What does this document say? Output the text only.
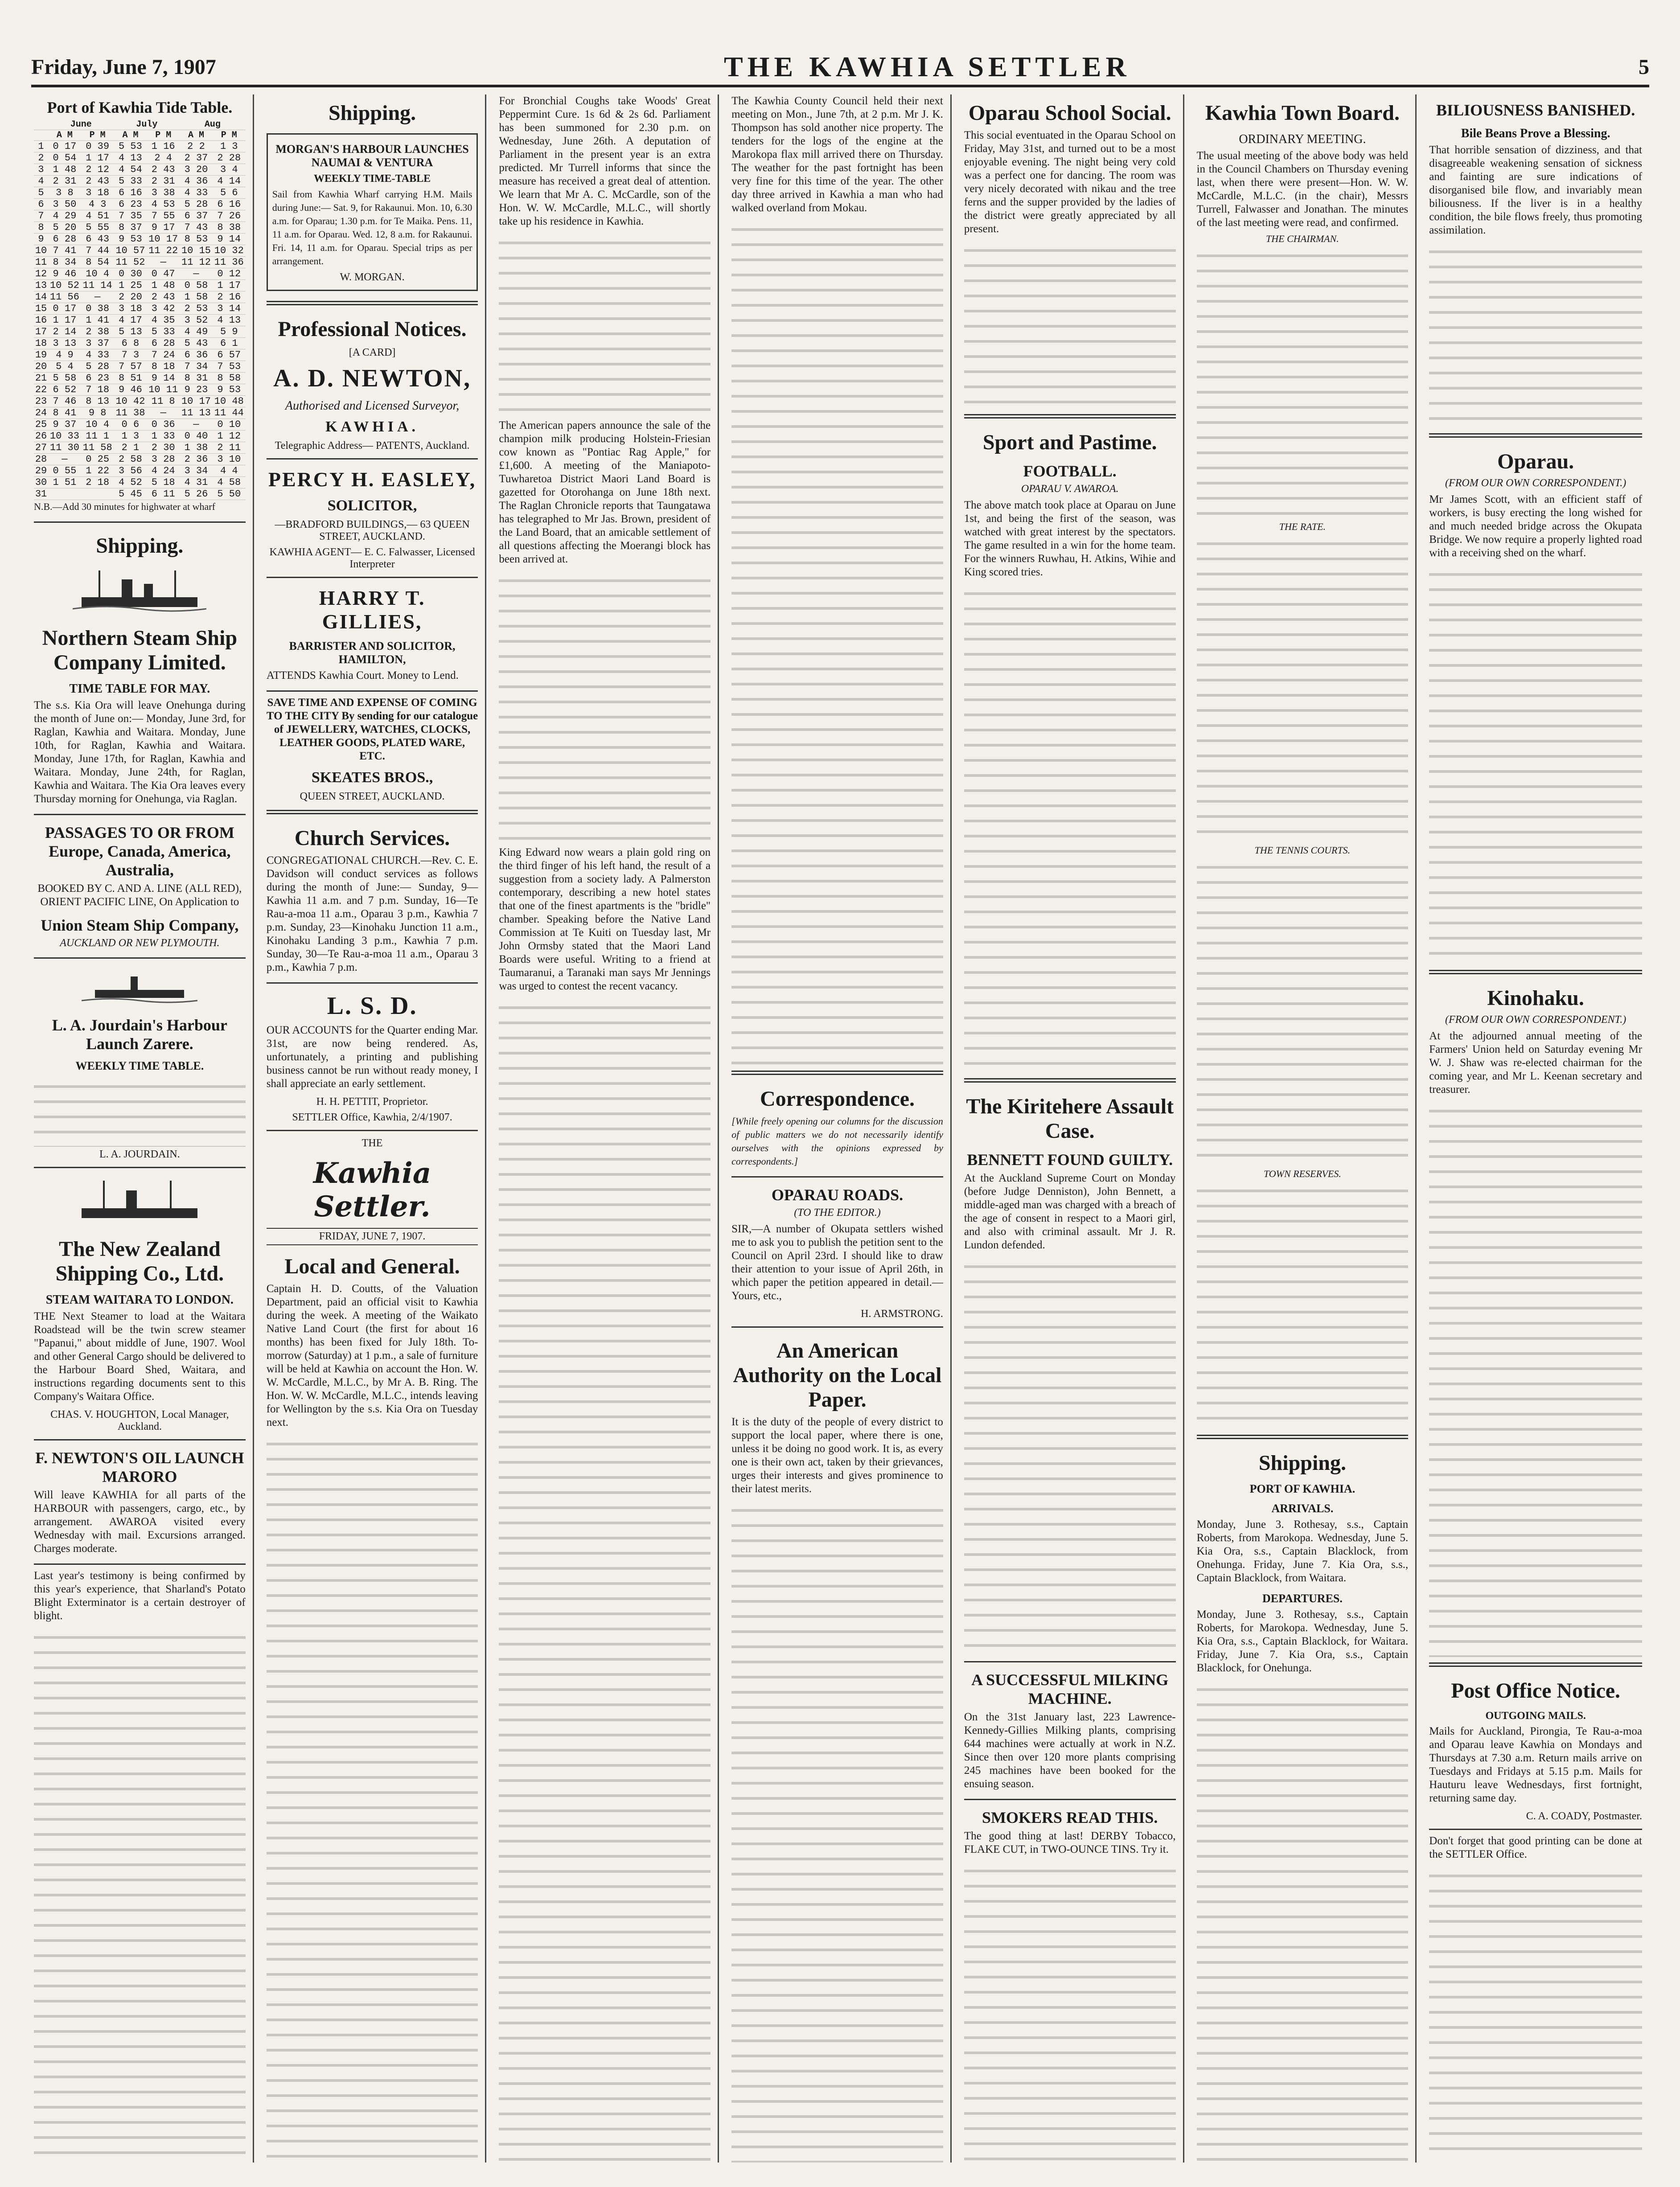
Friday, June 7, 1907	THE KAWHIA SETTLER	5
Port of Kawhia Tide Table.
	June		July		Aug	
	A M	P M	A M	P M	A M	P M
1	0 17	0 39	5 53	1 16	2 2	1 3
2	0 54	1 17	4 13	2 4	2 37	2 28
3	1 48	2 12	4 54	2 43	3 20	3 4
4	2 31	2 43	5 33	2 31	4 36	4 14
5	3 8	3 18	6 16	3 38	4 33	5 6
6	3 50	4 3	6 23	4 53	5 28	6 16
7	4 29	4 51	7 35	7 55	6 37	7 26
8	5 20	5 55	8 37	9 17	7 43	8 38
9	6 28	6 43	9 53	10 17	8 53	9 14
10	7 41	7 44	10 57	11 22	10 15	10 32
11	8 34	8 54	11 52	—	11 12	11 36
12	9 46	10 4	0 30	0 47	—	0 12
13	10 52	11 14	1 25	1 48	0 58	1 17
14	11 56	—	2 20	2 43	1 58	2 16
15	0 17	0 38	3 18	3 42	2 53	3 14
16	1 17	1 41	4 17	4 35	3 52	4 13
17	2 14	2 38	5 13	5 33	4 49	5 9
18	3 13	3 37	6 8	6 28	5 43	6 1
19	4 9	4 33	7 3	7 24	6 36	6 57
20	5 4	5 28	7 57	8 18	7 34	7 53
21	5 58	6 23	8 51	9 14	8 31	8 58
22	6 52	7 18	9 46	10 11	9 23	9 53
23	7 46	8 13	10 42	11 8	10 17	10 48
24	8 41	9 8	11 38	—	11 13	11 44
25	9 37	10 4	0 6	0 36	—	0 10
26	10 33	11 1	1 3	1 33	0 40	1 12
27	11 30	11 58	2 1	2 30	1 38	2 11
28	—	0 25	2 58	3 28	2 36	3 10
29	0 55	1 22	3 56	4 24	3 34	4 4
30	1 51	2 18	4 52	5 18	4 31	4 58
31			5 45	6 11	5 26	5 50

N.B.—Add 30 minutes for highwater at wharf

Shipping.
Northern Steam Ship Company Limited.
TIME TABLE FOR MAY.

The s.s. Kia Ora will leave Onehunga during the month of June on:— Monday, June 3rd, for Raglan, Kawhia and Waitara. Monday, June 10th, for Raglan, Kawhia and Waitara. Monday, June 17th, for Raglan, Kawhia and Waitara. Monday, June 24th, for Raglan, Kawhia and Waitara. The Kia Ora leaves every Thursday morning for Onehunga, via Raglan.

PASSAGES TO OR FROM Europe, Canada, America, Australia,

BOOKED BY C. AND A. LINE (ALL RED), ORIENT PACIFIC LINE, On Application to

Union Steam Ship Company,
AUCKLAND OR NEW PLYMOUTH.
L. A. Jourdain's Harbour Launch Zarere.
WEEKLY TIME TABLE.
L. A. JOURDAIN.
The New Zealand Shipping Co., Ltd.
STEAM WAITARA TO LONDON.

THE Next Steamer to load at the Waitara Roadstead will be the twin screw steamer "Papanui," about middle of June, 1907. Wool and other General Cargo should be delivered to the Harbour Board Shed, Waitara, and instructions regarding documents sent to this Company's Waitara Office.

CHAS. V. HOUGHTON, Local Manager, Auckland.
F. NEWTON'S OIL LAUNCH MARORO

Will leave KAWHIA for all parts of the HARBOUR with passengers, cargo, etc., by arrangement. AWAROA visited every Wednesday with mail. Excursions arranged. Charges moderate.

Last year's testimony is being confirmed by this year's experience, that Sharland's Potato Blight Exterminator is a certain destroyer of blight.

Shipping.
MORGAN'S HARBOUR LAUNCHES NAUMAI & VENTURA
WEEKLY TIME-TABLE

Sail from Kawhia Wharf carrying H.M. Mails during June:— Sat. 9, for Rakaunui. Mon. 10, 6.30 a.m. for Oparau; 1.30 p.m. for Te Maika. Pens. 11, 11 a.m. for Oparau. Wed. 12, 8 a.m. for Rakaunui. Fri. 14, 11 a.m. for Oparau. Special trips as per arrangement.

W. MORGAN.
Professional Notices.
[A CARD]
A. D. NEWTON,
Authorised and Licensed Surveyor,
KAWHIA.
Telegraphic Address— PATENTS, Auckland.
PERCY H. EASLEY,
SOLICITOR,
—BRADFORD BUILDINGS,— 63 QUEEN STREET, AUCKLAND.
KAWHIA AGENT— E. C. Falwasser, Licensed Interpreter
HARRY T. GILLIES,
BARRISTER AND SOLICITOR, HAMILTON,

ATTENDS Kawhia Court. Money to Lend.

SAVE TIME AND EXPENSE OF COMING TO THE CITY By sending for our catalogue of JEWELLERY, WATCHES, CLOCKS, LEATHER GOODS, PLATED WARE, ETC.

SKEATES BROS.,
QUEEN STREET, AUCKLAND.
Church Services.

CONGREGATIONAL CHURCH.—Rev. C. E. Davidson will conduct services as follows during the month of June:— Sunday, 9—Kawhia 11 a.m. and 7 p.m. Sunday, 16—Te Rau-a-moa 11 a.m., Oparau 3 p.m., Kawhia 7 p.m. Sunday, 23—Kinohaku Junction 11 a.m., Kinohaku Landing 3 p.m., Kawhia 7 p.m. Sunday, 30—Te Rau-a-moa 11 a.m., Oparau 3 p.m., Kawhia 7 p.m.

L. S. D.

OUR ACCOUNTS for the Quarter ending Mar. 31st, are now being rendered. As, unfortunately, a printing and publishing business cannot be run without ready money, I shall appreciate an early settlement.

H. H. PETTIT, Proprietor.
SETTLER Office, Kawhia, 2/4/1907.
THE
Kawhia Settler.
FRIDAY, JUNE 7, 1907.
Local and General.

Captain H. D. Coutts, of the Valuation Department, paid an official visit to Kawhia during the week. A meeting of the Waikato Native Land Court (the first for about 16 months) has been fixed for July 18th. To-morrow (Saturday) at 1 p.m., a sale of furniture will be held at Kawhia on account the Hon. W. W. McCardle, M.L.C., by Mr A. B. Ring. The Hon. W. W. McCardle, M.L.C., intends leaving for Wellington by the s.s. Kia Ora on Tuesday next.

For Bronchial Coughs take Woods' Great Peppermint Cure. 1s 6d & 2s 6d. Parliament has been summoned for 2.30 p.m. on Wednesday, June 26th. A deputation of Parliament in the present year is an extra predicted. Mr Turrell informs that since the measure has received a great deal of attention. We learn that Mr A. C. McCardle, son of the Hon. W. W. McCardle, M.L.C., will shortly take up his residence in Kawhia.

The American papers announce the sale of the champion milk producing Holstein-Friesian cow known as "Pontiac Rag Apple," for £1,600. A meeting of the Maniapoto-Tuwharetoa District Maori Land Board is gazetted for Otorohanga on June 18th next. The Raglan Chronicle reports that Taungatawa has telegraphed to Mr Jas. Brown, president of the Land Board, that an amicable settlement of all questions affecting the Moerangi block has been arrived at.

King Edward now wears a plain gold ring on the third finger of his left hand, the result of a suggestion from a society lady. A Palmerston contemporary, describing a new hotel states that one of the finest apartments is the "bridle" chamber. Speaking before the Native Land Commission at Te Kuiti on Tuesday last, Mr John Ormsby stated that the Maori Land Boards were useful. Writing to a friend at Taumaranui, a Taranaki man says Mr Jennings was urged to contest the recent vacancy.

The Kawhia County Council held their next meeting on Mon., June 7th, at 2 p.m. Mr J. K. Thompson has sold another nice property. The tenders for the logs of the engine at the Marokopa flax mill arrived there on Thursday. The weather for the past fortnight has been very fine for this time of the year. The other day three arrived in Kawhia a man who had walked overland from Mokau.

Correspondence.

[While freely opening our columns for the discussion of public matters we do not necessarily identify ourselves with the opinions expressed by correspondents.]

OPARAU ROADS.
(TO THE EDITOR.)

SIR,—A number of Okupata settlers wished me to ask you to publish the petition sent to the Council on April 23rd. I should like to draw their attention to your issue of April 26th, in which paper the petition appeared in detail.—Yours, etc.,

H. ARMSTRONG.
An American Authority on the Local Paper.

It is the duty of the people of every district to support the local paper, where there is one, unless it be doing no good work. It is, as every one is their own act, taken by their grievances, urges their interests and gives prominence to their latest merits.

Oparau School Social.

This social eventuated in the Oparau School on Friday, May 31st, and turned out to be a most enjoyable evening. The night being very cold was a perfect one for dancing. The room was very nicely decorated with nikau and the tree ferns and the supper provided by the ladies of the district were greatly appreciated by all present.

Sport and Pastime.
FOOTBALL.
OPARAU V. AWAROA.

The above match took place at Oparau on June 1st, and being the first of the season, was watched with great interest by the spectators. The game resulted in a win for the home team. For the winners Ruwhau, H. Atkins, Wihie and King scored tries.

The Kiritehere Assault Case.
BENNETT FOUND GUILTY.

At the Auckland Supreme Court on Monday (before Judge Denniston), John Bennett, a middle-aged man was charged with a breach of the age of consent in respect to a Maori girl, and also with criminal assault. Mr J. R. Lundon defended.

A SUCCESSFUL MILKING MACHINE.

On the 31st January last, 223 Lawrence-Kennedy-Gillies Milking plants, comprising 644 machines were actually at work in N.Z. Since then over 120 more plants comprising 245 machines have been booked for the ensuing season.

SMOKERS READ THIS.

The good thing at last! DERBY Tobacco, FLAKE CUT, in TWO-OUNCE TINS. Try it.

Kawhia Town Board.
ORDINARY MEETING.

The usual meeting of the above body was held in the Council Chambers on Thursday evening last, when there were present—Hon. W. W. McCardle, M.L.C. (in the chair), Messrs Turrell, Falwasser and Jonathan. The minutes of the last meeting were read, and confirmed.

THE CHAIRMAN.
THE RATE.
THE TENNIS COURTS.
TOWN RESERVES.
Shipping.
PORT OF KAWHIA.
ARRIVALS.

Monday, June 3. Rothesay, s.s., Captain Roberts, from Marokopa. Wednesday, June 5. Kia Ora, s.s., Captain Blacklock, from Onehunga. Friday, June 7. Kia Ora, s.s., Captain Blacklock, from Waitara.

DEPARTURES.

Monday, June 3. Rothesay, s.s., Captain Roberts, for Marokopa. Wednesday, June 5. Kia Ora, s.s., Captain Blacklock, for Waitara. Friday, June 7. Kia Ora, s.s., Captain Blacklock, for Onehunga.

BILIOUSNESS BANISHED.
Bile Beans Prove a Blessing.

That horrible sensation of dizziness, and that disagreeable weakening sensation of sickness and fainting are sure indications of disorganised bile flow, and invariably mean biliousness. If the liver is in a healthy condition, the bile flows freely, thus promoting assimilation.

Oparau.
(FROM OUR OWN CORRESPONDENT.)

Mr James Scott, with an efficient staff of workers, is busy erecting the long wished for and much needed bridge across the Okupata Bridge. We now require a properly lighted road with a receiving shed on the wharf.

Kinohaku.
(FROM OUR OWN CORRESPONDENT.)

At the adjourned annual meeting of the Farmers' Union held on Saturday evening Mr W. J. Shaw was re-elected chairman for the coming year, and Mr L. Keenan secretary and treasurer.

Post Office Notice.
OUTGOING MAILS.

Mails for Auckland, Pirongia, Te Rau-a-moa and Oparau leave Kawhia on Mondays and Thursdays at 7.30 a.m. Return mails arrive on Tuesdays and Fridays at 5.15 p.m. Mails for Hauturu leave Wednesdays, first fortnight, returning same day.

C. A. COADY, Postmaster.

Don't forget that good printing can be done at the SETTLER Office.
